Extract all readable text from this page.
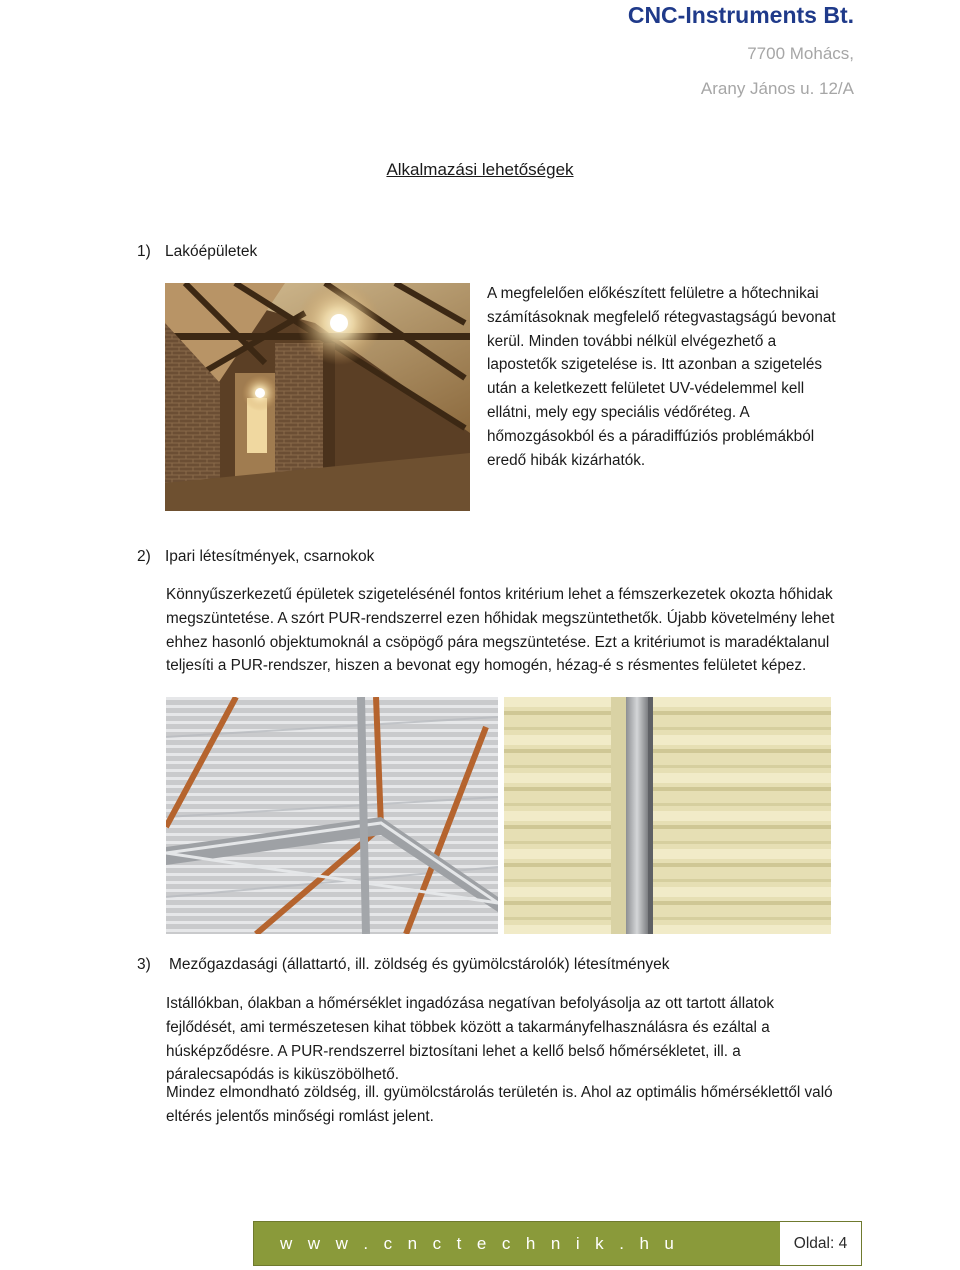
CNC-Instruments Bt.
7700 Mohács,
Arany János u. 12/A
Alkalmazási lehetőségek
1) Lakóépületek

A megfelelően előkészített felületre a hőtechnikai számításoknak megfelelő rétegvastagságú bevonat kerül. Minden további nélkül elvégezhető a lapostetők szigetelése is. Itt azonban a szigetelés után a keletkezett felületet UV-védelemmel kell ellátni, mely egy speciális védőréteg. A hőmozgásokból és a páradiffúziós problémákból eredő hibák kizárhatók.

2) Ipari létesítmények, csarnokok

Könnyűszerkezetű épületek szigetelésénél fontos kritérium lehet a fémszerkezetek okozta hőhidak megszüntetése. A szórt PUR-rendszerrel ezen hőhidak megszüntethetők. Újabb követelmény lehet ehhez hasonló objektumoknál a csöpögő pára megszüntetése. Ezt a kritériumot is maradéktalanul teljesíti a PUR-rendszer, hiszen a bevonat egy homogén, hézag-é s résmentes felületet képez.

3) Mezőgazdasági (állattartó, ill. zöldség és gyümölcstárolók) létesítmények

Istállókban, ólakban a hőmérséklet ingadózása negatívan befolyásolja az ott tartott állatok fejlődését, ami természetesen kihat többek között a takarmányfelhasználásra és ezáltal a húsképződésre. A PUR-rendszerrel biztosítani lehet a kellő belső hőmérsékletet, ill. a páralecsapódás is kiküszöbölhető.

Mindez elmondható zöldség, ill. gyümölcstárolás területén is. Ahol az optimális hőmérséklettől való eltérés jelentős minőségi romlást jelent.

w w w . c n c t e c h n i k . h u	Oldal: 4
